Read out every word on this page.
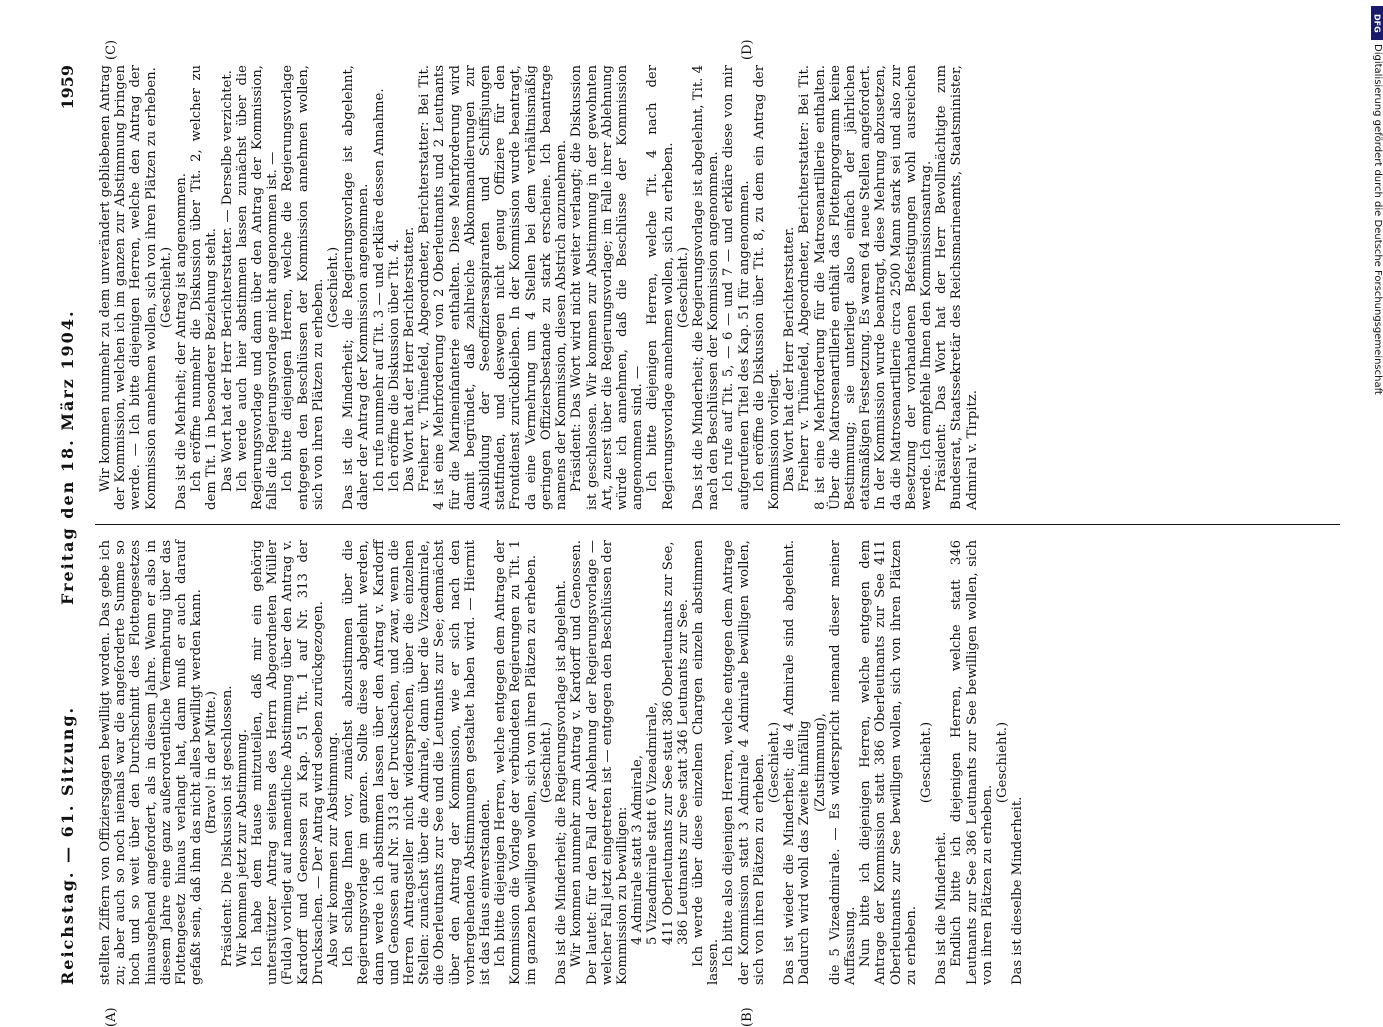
Reichstag. — 61. Sitzung.
Freitag den 18. März 1904.
1959
(A)	(B)
(C)	(D)

stellten Ziffern von Offiziersgagen bewilligt worden. Das gebe ich zu; aber auch so noch niemals war die angeforderte Summe so hoch und so weit über den Durchschnitt des Flottengesetzes hinausgehend angefordert, als in diesem Jahre. Wenn er also in diesem Jahre eine ganz außerordentliche Vermehrung über das Flottengesetz hinaus verlangt hat, dann muß er auch darauf gefaßt sein, daß ihm das nicht alles bewilligt werden kann. (Bravo! in der Mitte.) Präsident: Die Diskussion ist geschlossen. Wir kommen jetzt zur Abstimmung. Ich habe dem Hause mitzuteilen, daß mir ein gehörig unterstützter Antrag seitens des Herrn Abgeordneten Müller (Fulda) vorliegt auf namentliche Abstimmung über den Antrag v. Kardorff und Genossen zu Kap. 51 Tit. 1 auf Nr. 313 der Drucksachen. — Der Antrag wird soeben zurückgezogen. Also wir kommen zur Abstimmung. Ich schlage Ihnen vor, zunächst abzustimmen über die Regierungsvorlage im ganzen. Sollte diese abgelehnt werden, dann werde ich abstimmen lassen über den Antrag v. Kardorff und Genossen auf Nr. 313 der Drucksachen, und zwar, wenn die Herren Antragsteller nicht widersprechen, über die einzelnen Stellen: zunächst über die Admirale, dann über die Vizeadmirale, die Oberleutnants zur See und die Leutnants zur See; demnächst über den Antrag der Kommission, wie er sich nach den vorhergehenden Abstimmungen gestaltet haben wird. — Hiermit ist das Haus einverstanden. Ich bitte diejenigen Herren, welche entgegen dem Antrage der Kommission die Vorlage der verbündeten Regierungen zu Tit. 1 im ganzen bewilligen wollen, sich von ihren Plätzen zu erheben. (Geschieht.) Das ist die Minderheit; die Regierungsvorlage ist abgelehnt. Wir kommen nunmehr zum Antrag v. Kardorff und Genossen. Der lautet: für den Fall der Ablehnung der Regierungsvorlage — welcher Fall jetzt eingetreten ist — entgegen den Beschlüssen der Kommission zu bewilligen: 4 Admirale statt 3 Admirale, 5 Vizeadmirale statt 6 Vizeadmirale, 411 Oberleutnants zur See statt 386 Oberleutnants zur See, 386 Leutnants zur See statt 346 Leutnants zur See. Ich werde über diese einzelnen Chargen einzeln abstimmen lassen. Ich bitte also diejenigen Herren, welche entgegen dem Antrage der Kommission statt 3 Admirale 4 Admirale bewilligen wollen, sich von ihren Plätzen zu erheben. (Geschieht.) Das ist wieder die Minderheit; die 4 Admirale sind abgelehnt. Dadurch wird wohl das Zweite hinfällig (Zustimmung), die 5 Vizeadmirale. — Es widerspricht niemand dieser meiner Auffassung. Nun bitte ich diejenigen Herren, welche entgegen dem Antrage der Kommission statt 386 Oberleutnants zur See 411 Oberleutnants zur See bewilligen wollen, sich von ihren Plätzen zu erheben.

(Geschieht.)

Das ist die Minderheit. Endlich bitte ich diejenigen Herren, welche statt 346 Leutnants zur See 386 Leutnants zur See bewilligen wollen, sich von ihren Plätzen zu erheben.

(Geschieht.)

Das ist dieselbe Minderheit.

Wir kommen nunmehr zu dem unverändert gebliebenen Antrag der Kommission, welchen ich im ganzen zur Abstimmung bringen werde. — Ich bitte diejenigen Herren, welche den Antrag der Kommission annehmen wollen, sich von ihren Plätzen zu erheben. (Geschieht.) Das ist die Mehrheit; der Antrag ist angenommen. Ich eröffne nunmehr die Diskussion über Tit. 2, welcher zu dem Tit. 1 in besonderer Beziehung steht. Das Wort hat der Herr Berichterstatter. — Derselbe verzichtet. Ich werde auch hier abstimmen lassen zunächst über die Regierungsvorlage und dann über den Antrag der Kommission, falls die Regierungsvorlage nicht angenommen ist. — Ich bitte diejenigen Herren, welche die Regierungsvorlage entgegen den Beschlüssen der Kommission annehmen wollen, sich von ihren Plätzen zu erheben. (Geschieht.) Das ist die Minderheit; die Regierungsvorlage ist abgelehnt, daher der Antrag der Kommission angenommen. Ich rufe nunmehr auf Tit. 3 — und erkläre dessen Annahme. Ich eröffne die Diskussion über Tit. 4. Das Wort hat der Herr Berichterstatter. Freiherr v. Thünefeld, Abgeordneter, Berichterstatter: Bei Tit. 4 ist eine Mehrforderung von 2 Oberleutnants und 2 Leutnants für die Marineinfanterie enthalten. Diese Mehrforderung wird damit begründet, daß zahlreiche Abkommandierungen zur Ausbildung der Seeoffiziersaspiranten und Schiffsjungen stattfinden, und deswegen nicht genug Offiziere für den Frontdienst zurückbleiben. In der Kommission wurde beantragt, da eine Vermehrung um 4 Stellen bei dem verhältnismäßig geringen Offiziersbestande zu stark erscheine. Ich beantrage namens der Kommission, diesen Abstrich anzunehmen. Präsident: Das Wort wird nicht weiter verlangt; die Diskussion ist geschlossen. Wir kommen zur Abstimmung in der gewohnten Art, zuerst über die Regierungsvorlage; im Falle ihrer Ablehnung würde ich annehmen, daß die Beschlüsse der Kommission angenommen sind. — Ich bitte diejenigen Herren, welche Tit. 4 nach der Regierungsvorlage annehmen wollen, sich zu erheben. (Geschieht.) Das ist die Minderheit; die Regierungsvorlage ist abgelehnt, Tit. 4 nach den Beschlüssen der Kommission angenommen. Ich rufe auf Tit. 5, — 6 — und 7 — und erkläre diese von mir aufgerufenen Titel des Kap. 51 für angenommen. Ich eröffne die Diskussion über Tit. 8, zu dem ein Antrag der Kommission vorliegt. Das Wort hat der Herr Berichterstatter. Freiherr v. Thünefeld, Abgeordneter, Berichterstatter: Bei Tit. 8 ist eine Mehrforderung für die Matrosenartillerie enthalten. Über die Matrosenartillerie enthält das Flottenprogramm keine Bestimmung; sie unterliegt also einfach der jährlichen etatsmäßigen Festsetzung. Es waren 64 neue Stellen angefordert. In der Kommission wurde beantragt, diese Mehrung abzusetzen, da die Matrosenartillerie circa 2500 Mann stark sei und also zur Besetzung der vorhandenen Befestigungen wohl ausreichen werde. Ich empfehle Ihnen den Kommissionsantrag. Präsident: Das Wort hat der Herr Bevollmächtigte zum Bundesrat, Staatssekretär des Reichsmarineamts, Staatsminister, Admiral v. Tirpitz.

DFG
Digitalisierung gefördert durch die Deutsche Forschungsgemeinschaft
